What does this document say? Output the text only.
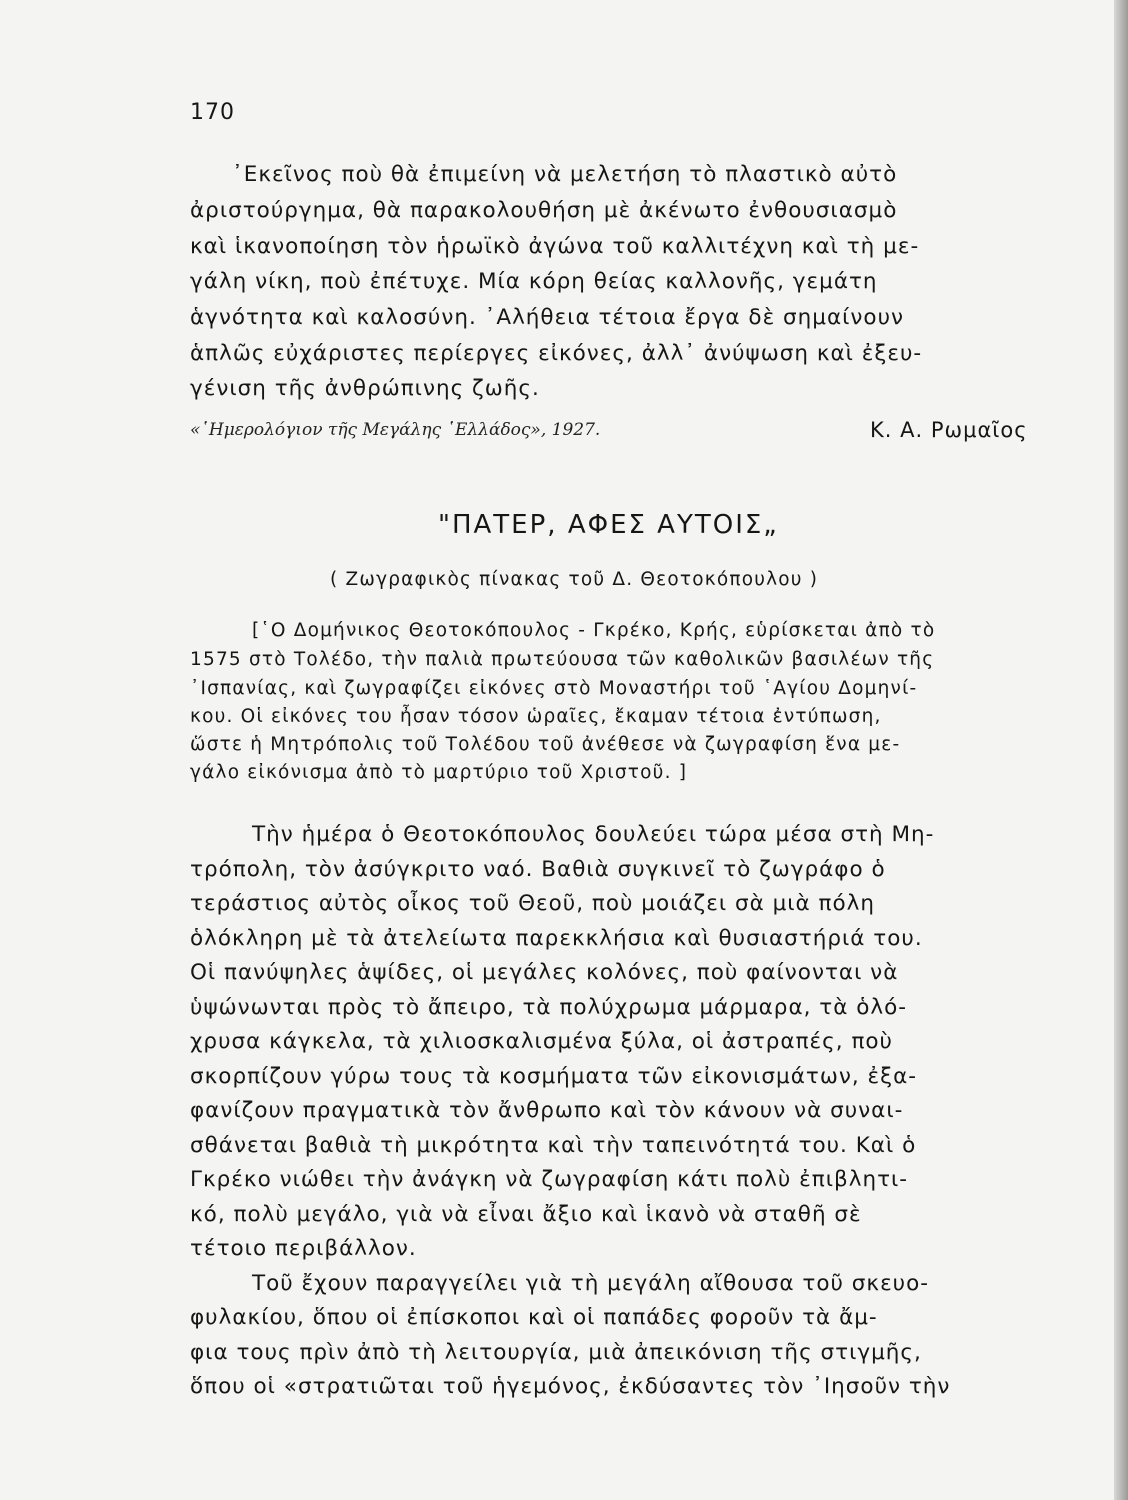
170
᾿Εκεῖνος ποὺ θὰ ἐπιμείνη νὰ μελετήση τὸ πλαστικὸ αὐτὸ
ἀριστούργημα, θὰ παρακολουθήση μὲ ἀκένωτο ἐνθουσιασμὸ
καὶ ἱκανοποίηση τὸν ἡρωϊκὸ ἀγώνα τοῦ καλλιτέχνη καὶ τὴ με-
γάλη νίκη, ποὺ ἐπέτυχε. Μία κόρη θείας καλλονῆς, γεμάτη
ἁγνότητα καὶ καλοσύνη. ᾿Αλήθεια τέτοια ἔργα δὲ σημαίνουν
ἁπλῶς εὐχάριστες περίεργες εἰκόνες, ἀλλ᾿ ἀνύψωση καὶ ἐξευ-
γένιση τῆς ἀνθρώπινης ζωῆς.
«῾Ημερολόγιον τῆς Μεγάλης ῾Ελλάδος», 1927.	Κ. Α. Ρωμαῖος
"ΠΑΤΕΡ, ΑΦΕΣ ΑΥΤΟΙΣ„
( Ζωγραφικὸς πίνακας τοῦ Δ. Θεοτοκόπουλου )
[῾Ο Δομήνικος Θεοτοκόπουλος - Γκρέκο, Κρής, εὑρίσκεται ἀπὸ τὸ
1575 στὸ Τολέδο, τὴν παλιὰ πρωτεύουσα τῶν καθολικῶν βασιλέων τῆς
᾿Ισπανίας, καὶ ζωγραφίζει εἰκόνες στὸ Μοναστήρι τοῦ ῾Αγίου Δομηνί-
κου. Οἱ εἰκόνες του ἦσαν τόσον ὡραῖες, ἔκαμαν τέτοια ἐντύπωση,
ὥστε ἡ Μητρόπολις τοῦ Τολέδου τοῦ ἀνέθεσε νὰ ζωγραφίση ἕνα με-
γάλο εἰκόνισμα ἀπὸ τὸ μαρτύριο τοῦ Χριστοῦ. ]
Τὴν ἡμέρα ὁ Θεοτοκόπουλος δουλεύει τώρα μέσα στὴ Μη-
τρόπολη, τὸν ἀσύγκριτο ναό. Βαθιὰ συγκινεῖ τὸ ζωγράφο ὁ
τεράστιος αὐτὸς οἶκος τοῦ Θεοῦ, ποὺ μοιάζει σὰ μιὰ πόλη
ὁλόκληρη μὲ τὰ ἀτελείωτα παρεκκλήσια καὶ θυσιαστήριά του.
Οἱ πανύψηλες ἁψίδες, οἱ μεγάλες κολόνες, ποὺ φαίνονται νὰ
ὑψώνωνται πρὸς τὸ ἄπειρο, τὰ πολύχρωμα μάρμαρα, τὰ ὁλό-
χρυσα κάγκελα, τὰ χιλιοσκαλισμένα ξύλα, οἱ ἀστραπές, ποὺ
σκορπίζουν γύρω τους τὰ κοσμήματα τῶν εἰκονισμάτων, ἐξα-
φανίζουν πραγματικὰ τὸν ἄνθρωπο καὶ τὸν κάνουν νὰ συναι-
σθάνεται βαθιὰ τὴ μικρότητα καὶ τὴν ταπεινότητά του. Καὶ ὁ
Γκρέκο νιώθει τὴν ἀνάγκη νὰ ζωγραφίση κάτι πολὺ ἐπιβλητι-
κό, πολὺ μεγάλο, γιὰ νὰ εἶναι ἄξιο καὶ ἱκανὸ νὰ σταθῆ σὲ
τέτοιο περιβάλλον.
Τοῦ ἔχουν παραγγείλει γιὰ τὴ μεγάλη αἴθουσα τοῦ σκευο-
φυλακίου, ὅπου οἱ ἐπίσκοποι καὶ οἱ παπάδες φοροῦν τὰ ἄμ-
φια τους πρὶν ἀπὸ τὴ λειτουργία, μιὰ ἀπεικόνιση τῆς στιγμῆς,
ὅπου οἱ «στρατιῶται τοῦ ἡγεμόνος, ἐκδύσαντες τὸν ᾿Ιησοῦν τὴν
